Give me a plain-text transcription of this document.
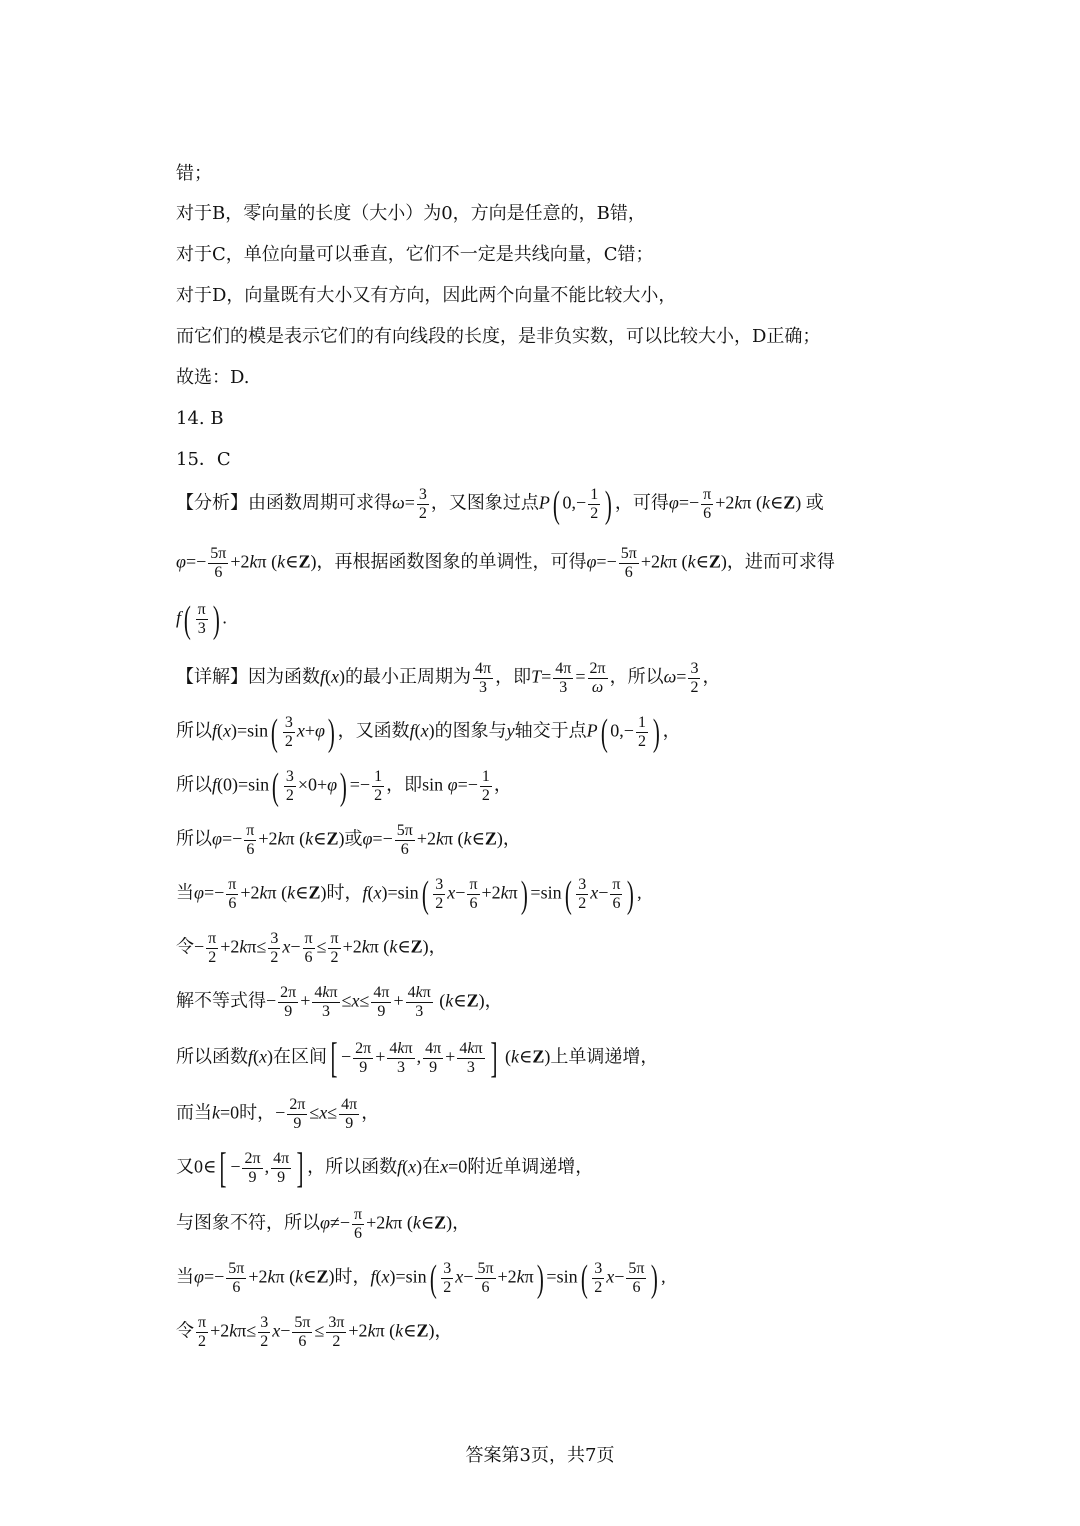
错；
对于B，零向量的长度（大小）为0，方向是任意的，B错，
对于C，单位向量可以垂直，它们不一定是共线向量，C错；
对于D，向量既有大小又有方向，因此两个向量不能比较大小，
而它们的模是表示它们的有向线段的长度，是非负实数，可以比较大小，D正确；
故选：D.
14. B
15．C
【分析】由函数周期可求得$\omega= \frac{3}{2}$ ，又图象过点P( $0,- \frac{1}{2}$ ) ，可得$\varphi=- \frac{\pi}{6} +2k\pi$ (k∈Z) 或
$\varphi=- \frac{5\pi}{6} +2k\pi$ (k∈Z)，再根据函数图象的单调性，可得$\varphi=- \frac{5\pi}{6} +2k\pi$ (k∈Z)，进而可求得
$f( \frac{\pi}{3}$ ) .
【详解】因为函数f(x)的最小正周期为 $\frac{4\pi}{3}$ ，即$T= \frac{4\pi}{3} = \frac{2\pi}{\omega}$ ，所以$\omega= \frac{3}{2}$ ，
所以$f(x)=\sin( \frac{3}{2} x+\varphi)$ ，又函数f(x)的图象与y轴交于点P( $0,- \frac{1}{2}$ ) ，
所以$f(0)=\sin( \frac{3}{2} \times 0+\varphi) =- \frac{1}{2}$ ，即$\sin \varphi=- \frac{1}{2}$ ，
所以$\varphi=- \frac{\pi}{6} +2k\pi$ (k∈Z)或$\varphi=- \frac{5\pi}{6} +2k\pi$ (k∈Z)，
当$\varphi=- \frac{\pi}{6} +2k\pi$ (k∈Z)时，$f(x)=\sin( \frac{3}{2} x- \frac{\pi}{6} +2k\pi) =\sin( \frac{3}{2} x- \frac{\pi}{6}$ ) ,
令− $\frac{\pi}{2} +2k\pi\le \frac{3}{2} x- \frac{\pi}{6} \le \frac{\pi}{2} +2k\pi$ (k∈Z)，
解不等式得− $\frac{2\pi}{9} + \frac{4k\pi}{3} \le x\le \frac{4\pi}{9} + \frac{4k\pi}{3}$ (k∈Z)，
所以函数f(x)在区间[ − $\frac{2\pi}{9} + \frac{4k\pi}{3}$ , $\frac{4\pi}{9} + \frac{4k\pi}{3}$ ] (k∈Z)上单调递增，
而当k=0时，− $\frac{2\pi}{9} \le x\le \frac{4\pi}{9}$ ，
又0∈[ − $\frac{2\pi}{9}$ , $\frac{4\pi}{9}$ ] ，所以函数f(x)在x=0附近单调递增，
与图象不符，所以$\varphi\ne- \frac{\pi}{6} +2k\pi$ (k∈Z)，
当$\varphi=- \frac{5\pi}{6} +2k\pi$ (k∈Z)时，$f(x)=\sin( \frac{3}{2} x- \frac{5\pi}{6} +2k\pi) =\sin( \frac{3}{2} x- \frac{5\pi}{6}$ ) ,
令 $\frac{\pi}{2} +2k\pi\le \frac{3}{2} x- \frac{5\pi}{6} \le \frac{3\pi}{2} +2k\pi$ (k∈Z)，
答案第3页，共7页
